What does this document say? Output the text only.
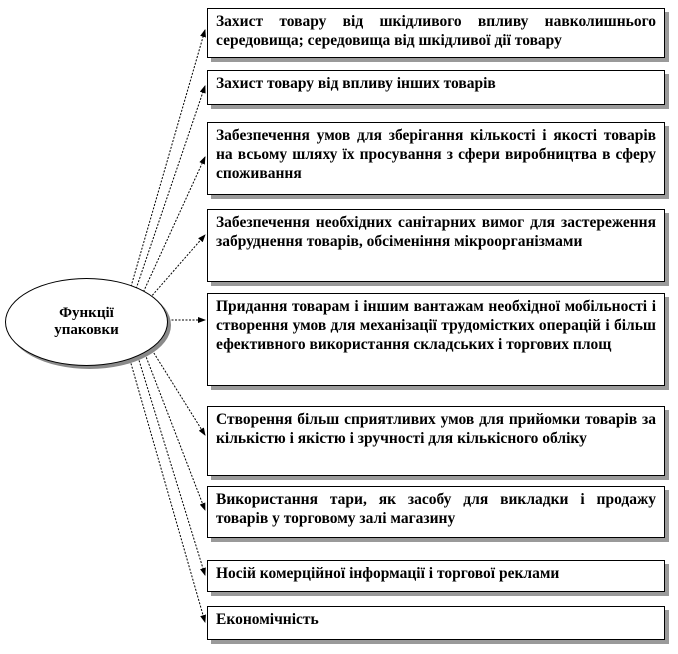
Функції
упаковки
Захист товару від шкідливого впливу навколишнього середовища; середовища від шкідливої дії товару
Захист товару від впливу інших товарів
Забезпечення умов для зберігання кількості і якості товарів на всьому шляху їх просування з сфери виробництва в сферу споживання
Забезпечення необхідних санітарних вимог для застереження забруднення товарів, обсіменіння мікроорганізмами
Придання товарам і іншим вантажам необхідної мобільності і створення умов для механізації трудомістких операцій і більш ефективного використання складських і торгових площ
Створення більш сприятливих умов для прийомки товарів за кількістю і якістю і зручності для кількісного обліку
Використання тари, як засобу для викладки і продажу товарів у торговому залі магазину
Носій комерційної інформації і торгової реклами
Економічність
